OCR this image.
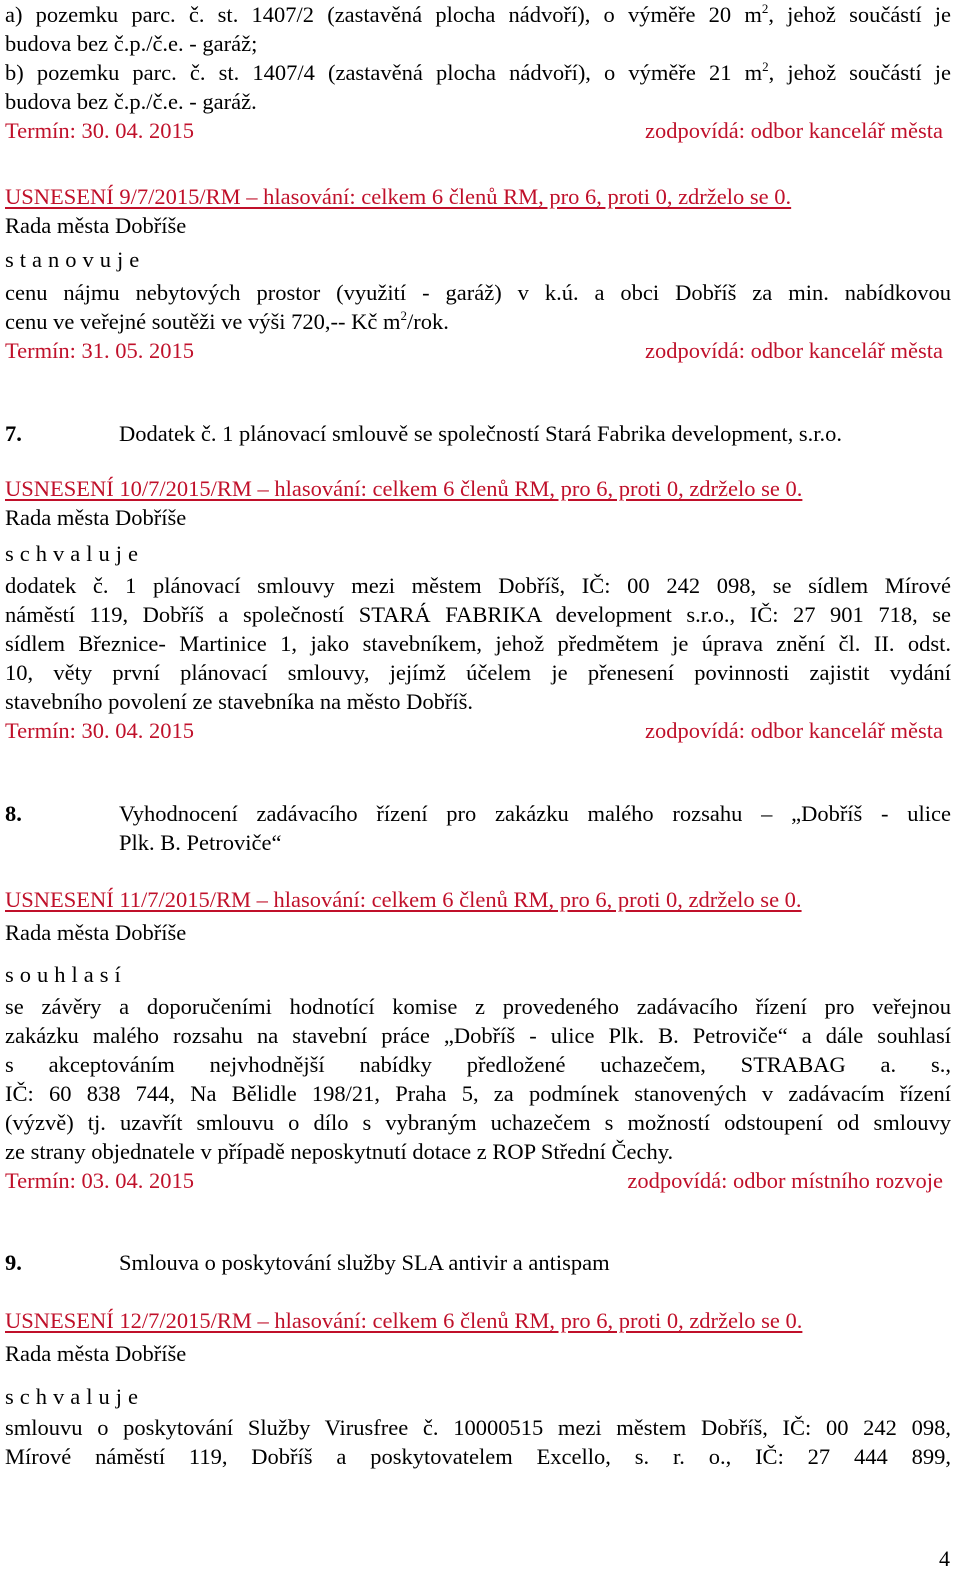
a) pozemku parc. č. st. 1407/2 (zastavěná plocha nádvoří), o výměře 20 $m^2$, jehož součástí je
budova bez č.p./č.e. - garáž;
b) pozemku parc. č. st. 1407/4 (zastavěná plocha nádvoří), o výměře 21 $m^2$, jehož součástí je
budova bez č.p./č.e. - garáž.
Termín: 30. 04. 2015	zodpovídá: odbor kancelář města
USNESENÍ 9/7/2015/RM – hlasování: celkem 6 členů RM, pro 6, proti 0, zdrželo se 0.
Rada města Dobříše
stanovuje
cenu nájmu nebytových prostor (využití - garáž) v k.ú. a obci Dobříš za min. nabídkovou
cenu ve veřejné soutěži ve výši 720,-- Kč $m^2$/rok.
Termín: 31. 05. 2015	zodpovídá: odbor kancelář města
7.	Dodatek č. 1 plánovací smlouvě se společností Stará Fabrika development, s.r.o.
USNESENÍ 10/7/2015/RM – hlasování: celkem 6 členů RM, pro 6, proti 0, zdrželo se 0.
Rada města Dobříše
schvaluje
dodatek č. 1 plánovací smlouvy mezi městem Dobříš, IČ: 00 242 098, se sídlem Mírové
náměstí 119, Dobříš a společností STARÁ FABRIKA development s.r.o., IČ: 27 901 718, se
sídlem Březnice- Martinice 1, jako stavebníkem, jehož předmětem je úprava znění čl. II. odst.
10, věty první plánovací smlouvy, jejímž účelem je přenesení povinnosti zajistit vydání
stavebního povolení ze stavebníka na město Dobříš.
Termín: 30. 04. 2015	zodpovídá: odbor kancelář města
8.	Vyhodnocení zadávacího řízení pro zakázku malého rozsahu – „Dobříš - ulice
Plk. B. Petroviče“
USNESENÍ 11/7/2015/RM – hlasování: celkem 6 členů RM, pro 6, proti 0, zdrželo se 0.
Rada města Dobříše
souhlasí
se závěry a doporučeními hodnotící komise z provedeného zadávacího řízení pro veřejnou
zakázku malého rozsahu na stavební práce „Dobříš - ulice Plk. B. Petroviče“ a dále souhlasí
s akceptováním nejvhodnější nabídky předložené uchazečem, STRABAG a. s.,
IČ: 60 838 744, Na Bělidle 198/21, Praha 5, za podmínek stanovených v zadávacím řízení
(výzvě) tj. uzavřít smlouvu o dílo s vybraným uchazečem s možností odstoupení od smlouvy
ze strany objednatele v případě neposkytnutí dotace z ROP Střední Čechy.
Termín: 03. 04. 2015	zodpovídá: odbor místního rozvoje
9.	Smlouva o poskytování služby SLA antivir a antispam
USNESENÍ 12/7/2015/RM – hlasování: celkem 6 členů RM, pro 6, proti 0, zdrželo se 0.
Rada města Dobříše
schvaluje
smlouvu o poskytování Služby Virusfree č. 10000515 mezi městem Dobříš, IČ: 00 242 098,
Mírové náměstí 119, Dobříš a poskytovatelem Excello, s. r. o., IČ: 27 444 899,
4
